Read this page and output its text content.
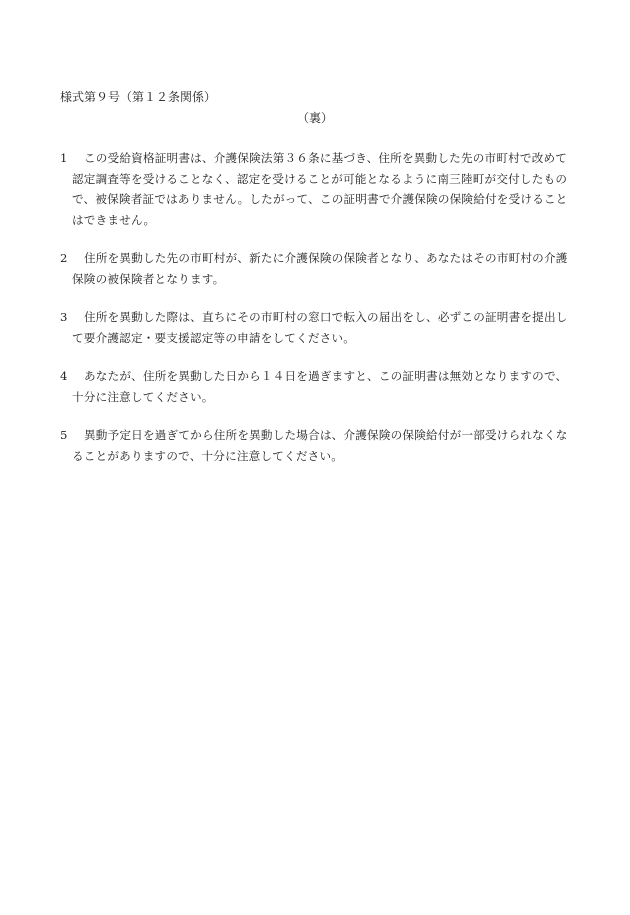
様式第９号（第１２条関係）
（裏）
1	この受給資格証明書は、介護保険法第３６条に基づき、住所を異動した先の市町村で改めて認定調査等を受けることなく、認定を受けることが可能となるように南三陸町が交付したもので、被保険者証ではありません。したがって、この証明書で介護保険の保険給付を受けることはできません。
2	住所を異動した先の市町村が、新たに介護保険の保険者となり、あなたはその市町村の介護保険の被保険者となります。
3	住所を異動した際は、直ちにその市町村の窓口で転入の届出をし、必ずこの証明書を提出して要介護認定・要支援認定等の申請をしてください。
4	あなたが、住所を異動した日から１４日を過ぎますと、この証明書は無効となりますので、十分に注意してください。
5	異動予定日を過ぎてから住所を異動した場合は、介護保険の保険給付が一部受けられなくなることがありますので、十分に注意してください。
